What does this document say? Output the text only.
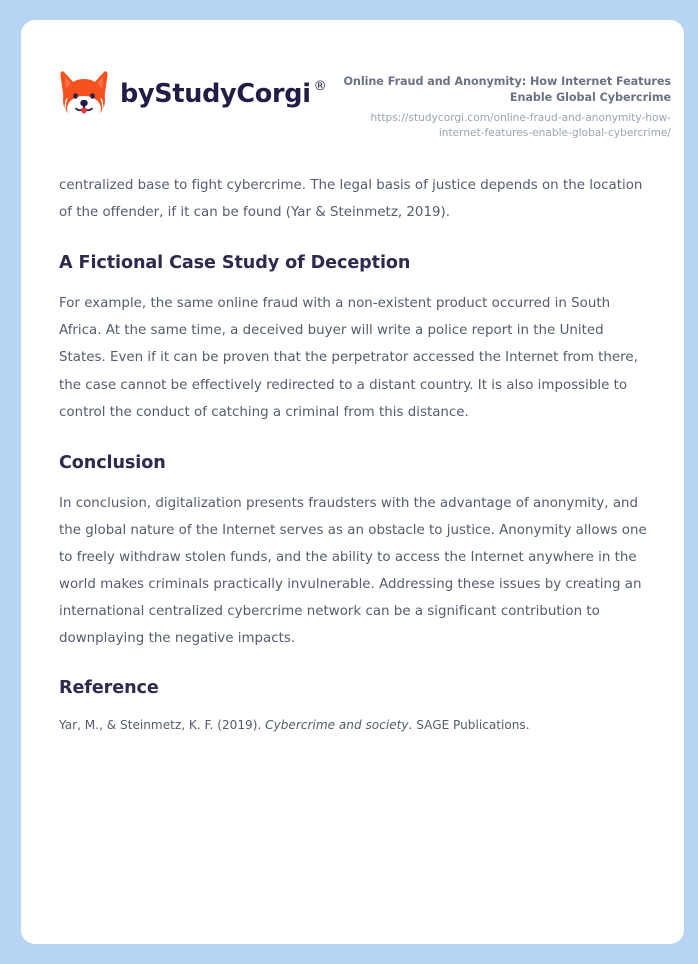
by StudyCorgi ® Online Fraud and Anonymity: How Internet Features Enable Global Cybercrime
https://studycorgi.com/online-fraud-and-anonymity-how-internet-features-enable-global-cybercrime/

centralized base to fight cybercrime. The legal basis of justice depends on the location of the offender, if it can be found (Yar & Steinmetz, 2019).

A Fictional Case Study of Deception

For example, the same online fraud with a non-existent product occurred in South Africa. At the same time, a deceived buyer will write a police report in the United States. Even if it can be proven that the perpetrator accessed the Internet from there, the case cannot be effectively redirected to a distant country. It is also impossible to control the conduct of catching a criminal from this distance.

Conclusion

In conclusion, digitalization presents fraudsters with the advantage of anonymity, and the global nature of the Internet serves as an obstacle to justice. Anonymity allows one to freely withdraw stolen funds, and the ability to access the Internet anywhere in the world makes criminals practically invulnerable. Addressing these issues by creating an international centralized cybercrime network can be a significant contribution to downplaying the negative impacts.

Reference

Yar, M., & Steinmetz, K. F. (2019). Cybercrime and society. SAGE Publications.
